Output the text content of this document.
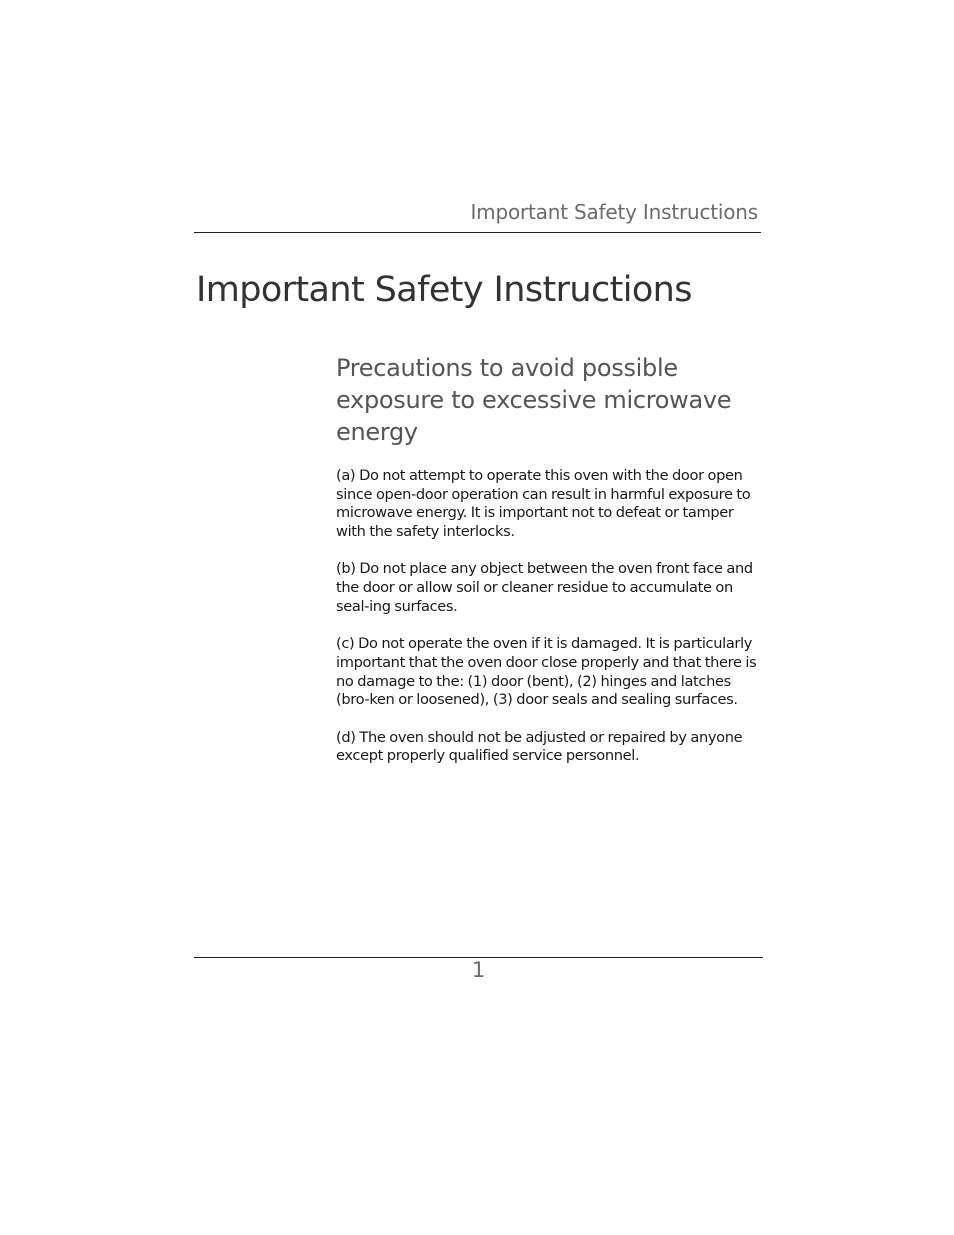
Important Safety Instructions
Important Safety Instructions
Precautions to avoid possible exposure to excessive microwave energy

(a) Do not attempt to operate this oven with the door open since open-door operation can result in harmful exposure to microwave energy. It is important not to defeat or tamper with the safety interlocks.

(b) Do not place any object between the oven front face and the door or allow soil or cleaner residue to accumulate on seal-ing surfaces.

(c) Do not operate the oven if it is damaged. It is particularly important that the oven door close properly and that there is no damage to the: (1) door (bent), (2) hinges and latches (bro-ken or loosened), (3) door seals and sealing surfaces.

(d) The oven should not be adjusted or repaired by anyone except properly qualified service personnel.

1
